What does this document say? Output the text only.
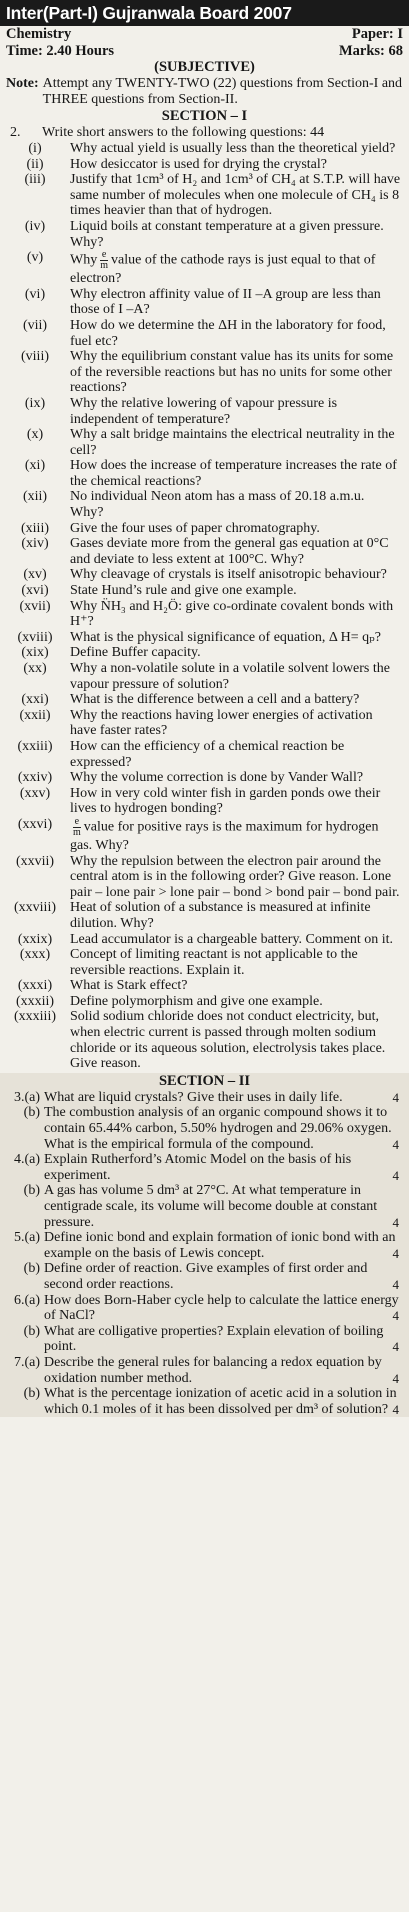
Inter(Part-I) Gujranwala Board 2007
Chemistry	Paper: I
Time: 2.40 Hours	Marks: 68
(SUBJECTIVE)
Note: Attempt any TWENTY-TWO (22) questions from Section-I and THREE questions from Section-II.
SECTION – I
2.	Write short answers to the following questions: 44
(i)	Why actual yield is usually less than the theoretical yield?
(ii)	How desiccator is used for drying the crystal?
(iii)	Justify that 1cm³ of H₂ and 1cm³ of CH₄ at S.T.P. will have same number of molecules when one molecule of CH₄ is 8 times heavier than that of hydrogen.
(iv)	Liquid boils at constant temperature at a given pressure. Why?
(v)	Why $\frac{e}{m}$ value of the cathode rays is just equal to that of electron?
(vi)	Why electron affinity value of II –A group are less than those of I –A?
(vii)	How do we determine the ΔH in the laboratory for food, fuel etc?
(viii)	Why the equilibrium constant value has its units for some of the reversible reactions but has no units for some other reactions?
(ix)	Why the relative lowering of vapour pressure is independent of temperature?
(x)	Why a salt bridge maintains the electrical neutrality in the cell?
(xi)	How does the increase of temperature increases the rate of the chemical reactions?
(xii)	No individual Neon atom has a mass of 20.18 a.m.u. Why?
(xiii)	Give the four uses of paper chromatography.
(xiv)	Gases deviate more from the general gas equation at 0°C and deviate to less extent at 100°C. Why?
(xv)	Why cleavage of crystals is itself anisotropic behaviour?
(xvi)	State Hund’s rule and give one example.
(xvii)	Why N̈H₃ and H₂Ö: give co-ordinate covalent bonds with H⁺?
(xviii)	What is the physical significance of equation, Δ H= qₚ?
(xix)	Define Buffer capacity.
(xx)	Why a non-volatile solute in a volatile solvent lowers the vapour pressure of solution?
(xxi)	What is the difference between a cell and a battery?
(xxii)	Why the reactions having lower energies of activation have faster rates?
(xxiii)	How can the efficiency of a chemical reaction be expressed?
(xxiv)	Why the volume correction is done by Vander Wall?
(xxv)	How in very cold winter fish in garden ponds owe their lives to hydrogen bonding?
(xxvi)	$\frac{e}{m}$ value for positive rays is the maximum for hydrogen gas. Why?
(xxvii)	Why the repulsion between the electron pair around the central atom is in the following order? Give reason. Lone pair – lone pair > lone pair – bond > bond pair – bond pair.
(xxviii)	Heat of solution of a substance is measured at infinite dilution. Why?
(xxix)	Lead accumulator is a chargeable battery. Comment on it.
(xxx)	Concept of limiting reactant is not applicable to the reversible reactions. Explain it.
(xxxi)	What is Stark effect?
(xxxii)	Define polymorphism and give one example.
(xxxiii)	Solid sodium chloride does not conduct electricity, but, when electric current is passed through molten sodium chloride or its aqueous solution, electrolysis takes place. Give reason.
SECTION – II
3.(a) What are liquid crystals? Give their uses in daily life.	4
(b) The combustion analysis of an organic compound shows it to contain 65.44% carbon, 5.50% hydrogen and 29.06% oxygen. What is the empirical formula of the compound.	4
4.(a) Explain Rutherford’s Atomic Model on the basis of his experiment.	4
(b) A gas has volume 5 dm³ at 27°C. At what temperature in centigrade scale, its volume will become double at constant pressure.	4
5.(a) Define ionic bond and explain formation of ionic bond with an example on the basis of Lewis concept.	4
(b) Define order of reaction. Give examples of first order and second order reactions.	4
6.(a) How does Born-Haber cycle help to calculate the lattice energy of NaCl?	4
(b) What are colligative properties? Explain elevation of boiling point.	4
7.(a) Describe the general rules for balancing a redox equation by oxidation number method.	4
(b) What is the percentage ionization of acetic acid in a solution in which 0.1 moles of it has been dissolved per dm³ of solution? 4
